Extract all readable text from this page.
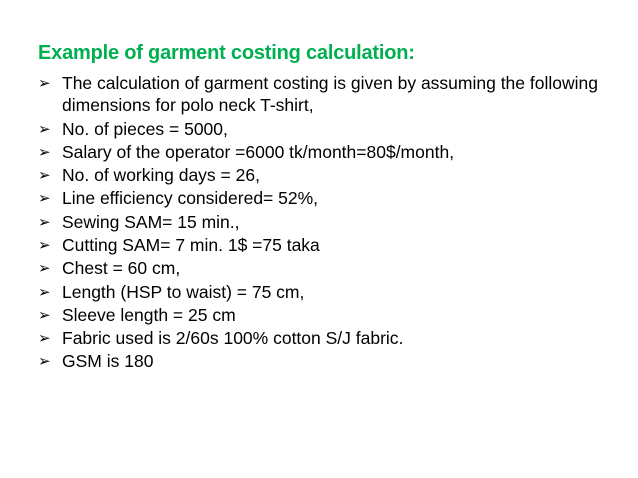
Example of garment costing calculation:
➢ The calculation of garment costing is given by assuming the following dimensions for polo neck T-shirt,
➢ No. of pieces = 5000,
➢ Salary of the operator =6000 tk/month=80$/month,
➢ No. of working days = 26,
➢ Line efficiency considered= 52%,
➢ Sewing SAM= 15 min.,
➢ Cutting SAM= 7 min. 1$ =75 taka
➢ Chest = 60 cm,
➢ Length (HSP to waist) = 75 cm,
➢ Sleeve length = 25 cm
➢ Fabric used is 2/60s 100% cotton S/J fabric.
➢ GSM is 180
